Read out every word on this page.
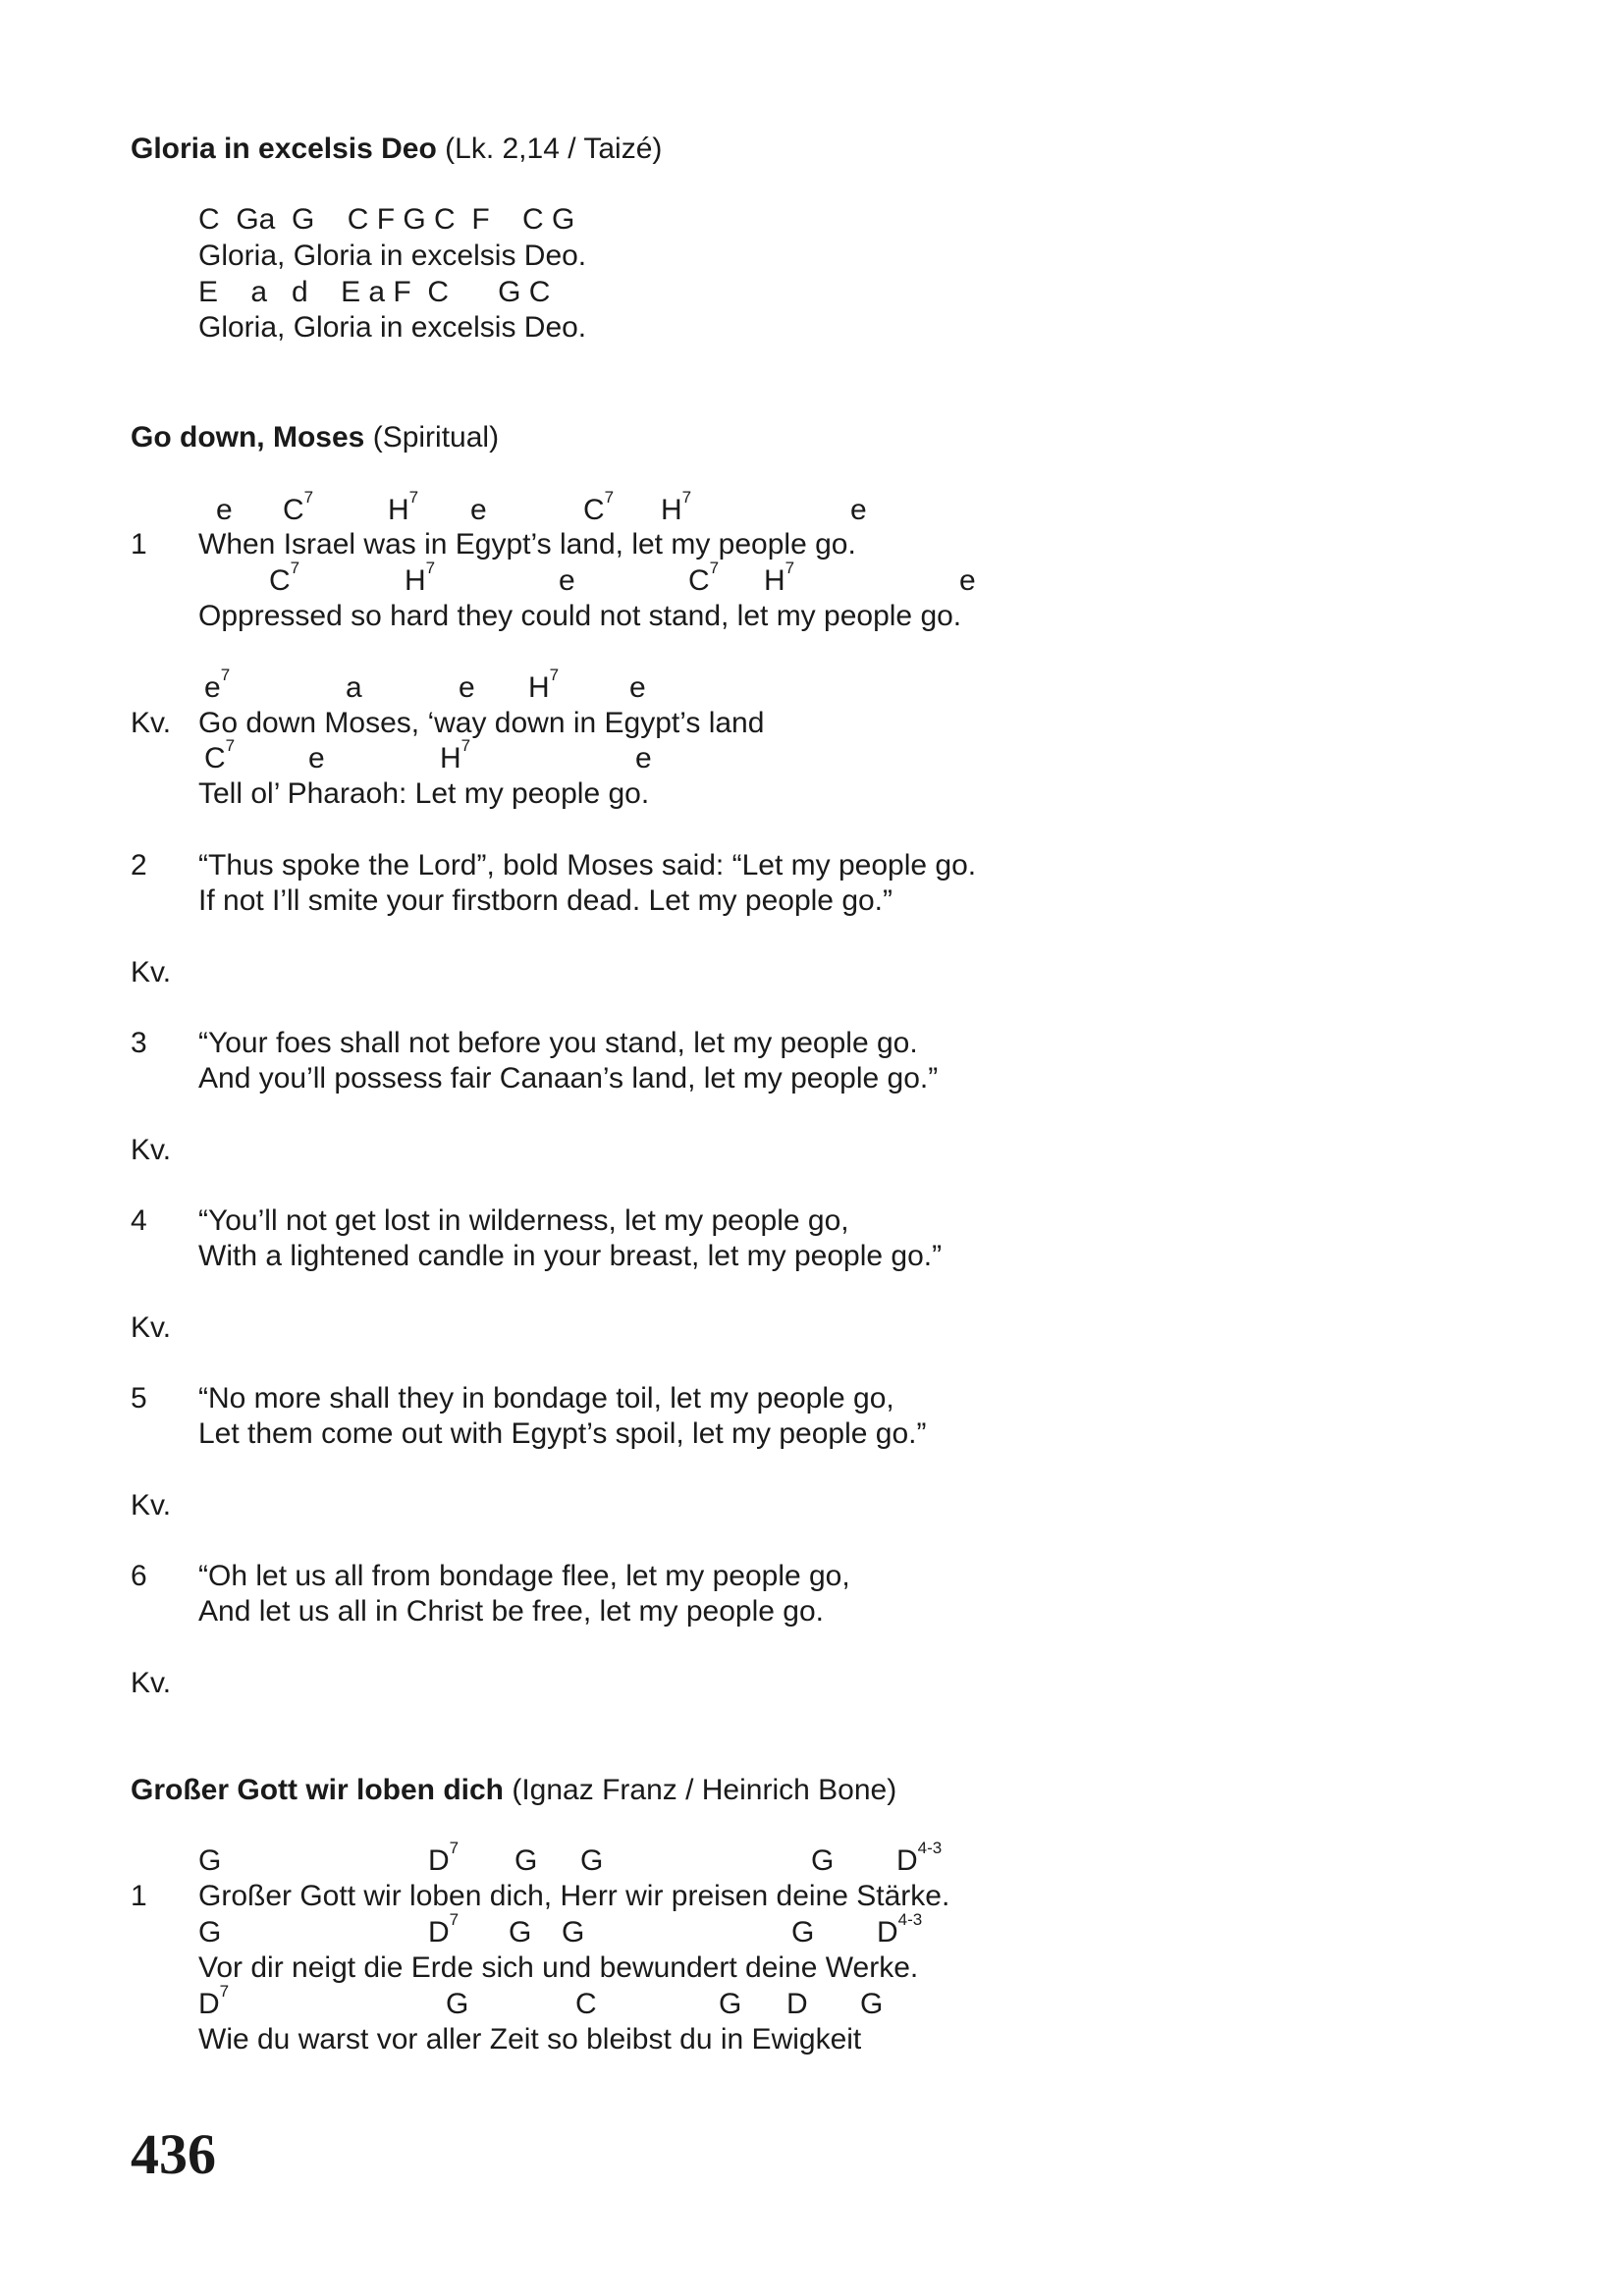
Gloria in excelsis Deo (Lk. 2,14 / Taizé)
C  Ga  G    C F G C  F    C G
Gloria, Gloria in excelsis Deo.
E    a   d    E a F  C      G C
Gloria, Gloria in excelsis Deo.
Go down, Moses (Spiritual)
e $C^7$	$H^7$ e	$C^7$ $H^7$	e
1 When Israel was in Egypt’s land, let my people go.
$C^7$	$H^7$	e	$C^7$ $H^7$	e
Oppressed so hard they could not stand, let my people go.
$e^7$	a	e $H^7$ e
Kv. Go down Moses, ‘way down in Egypt’s land
$C^7$ e	$H^7$	e
Tell ol’ Pharaoh: Let my people go.
2 “Thus spoke the Lord”, bold Moses said: “Let my people go.
If not I’ll smite your firstborn dead. Let my people go.”
Kv.
3 “Your foes shall not before you stand, let my people go.
And you’ll possess fair Canaan’s land, let my people go.”
Kv.
4 “You’ll not get lost in wilderness, let my people go,
With a lightened candle in your breast, let my people go.”
Kv.
5 “No more shall they in bondage toil, let my people go,
Let them come out with Egypt’s spoil, let my people go.”
Kv.
6 “Oh let us all from bondage flee, let my people go,
And let us all in Christ be free, let my people go.
Kv.
Großer Gott wir loben dich (Ignaz Franz / Heinrich Bone)
G	$D^7$ G G	G $D^{4-3}$
1 Großer Gott wir loben dich, Herr wir preisen deine Stärke.
G	$D^7$ G G	G $D^{4-3}$
Vor dir neigt die Erde sich und bewundert deine Werke.
$D^7$	G	C	G D G
Wie du warst vor aller Zeit so bleibst du in Ewigkeit
436
